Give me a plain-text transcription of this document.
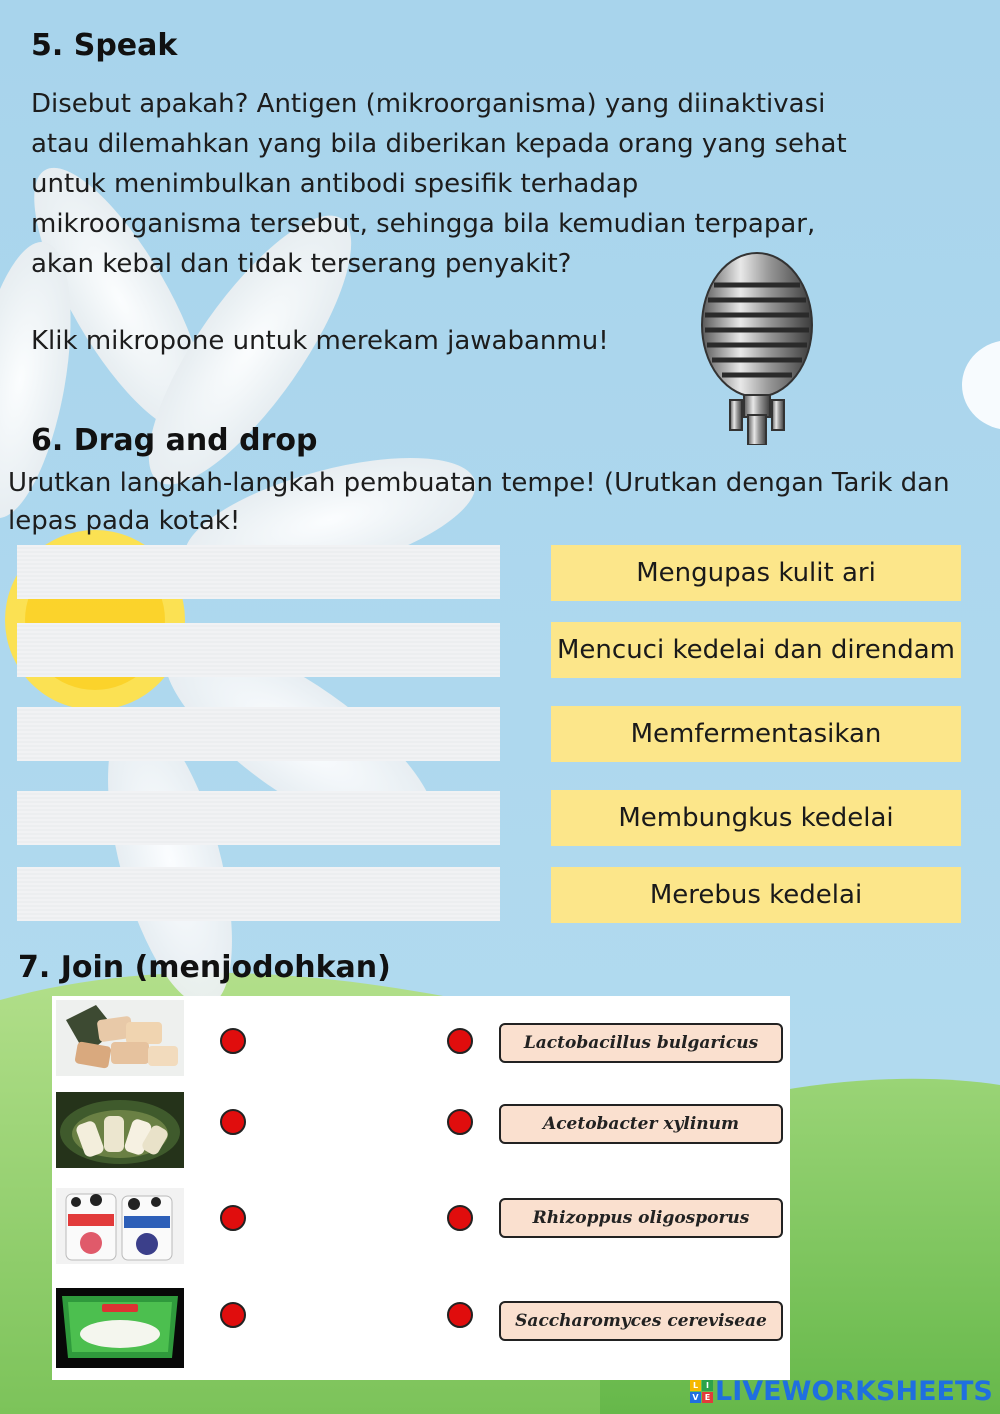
5. Speak

Disebut apakah? Antigen (mikroorganisma) yang diinaktivasi

atau dilemahkan yang bila diberikan kepada orang yang sehat

untuk menimbulkan antibodi spesifik terhadap

mikroorganisma tersebut, sehingga bila kemudian terpapar,

akan kebal dan tidak terserang penyakit?

Klik mikropone untuk merekam jawabanmu!

6. Drag and drop

Urutkan langkah-langkah pembuatan tempe! (Urutkan dengan Tarik dan

lepas pada kotak!

Mengupas kulit ari
Mencuci kedelai dan direndam
Memfermentasikan
Membungkus kedelai
Merebus kedelai
7. Join (menjodohkan)
Lactobacillus bulgaricus
Acetobacter xylinum
Rhizoppus oligosporus
Saccharomyces cereviseae
L I
V E LIVEWORKSHEETS
